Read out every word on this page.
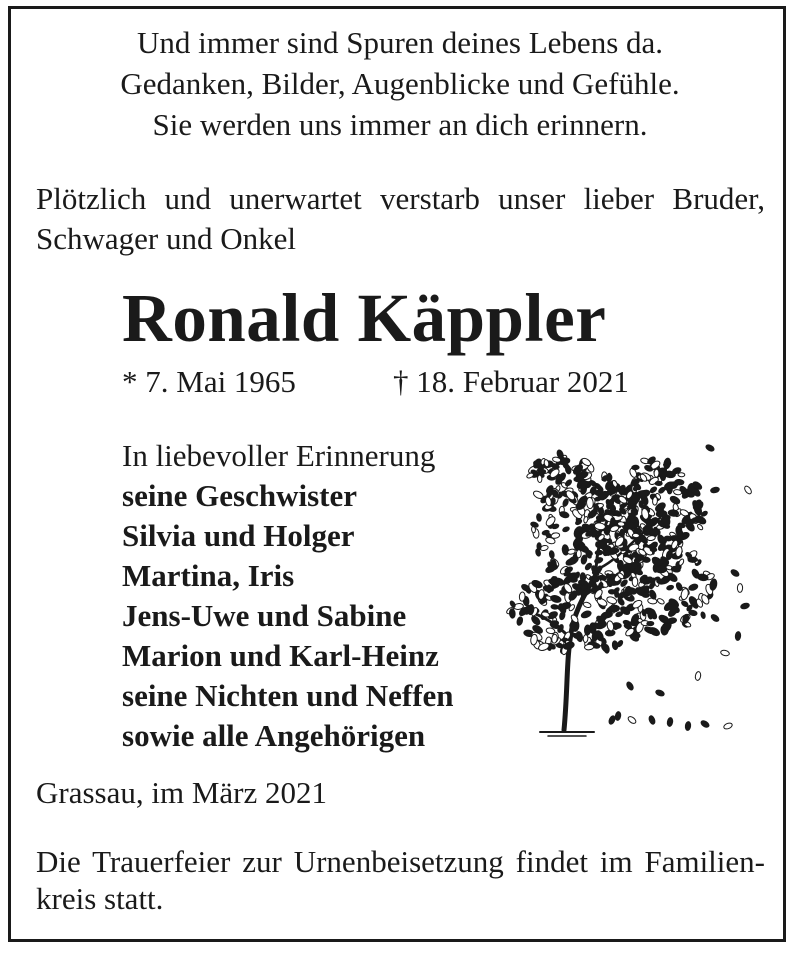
Und immer sind Spuren deines Lebens da.
Gedanken, Bilder, Augenblicke und Gefühle.
Sie werden uns immer an dich erinnern.
Plötzlich und unerwartet verstarb unser lieber Bruder,
Schwager und Onkel
Ronald Käppler
* 7. Mai 1965	† 18. Februar 2021
In liebevoller Erinnerung
seine Geschwister
Silvia und Holger
Martina, Iris
Jens-Uwe und Sabine
Marion und Karl-Heinz
seine Nichten und Neffen
sowie alle Angehörigen
Grassau, im März 2021
Die Trauerfeier zur Urnenbeisetzung findet im Familien-
kreis statt.
